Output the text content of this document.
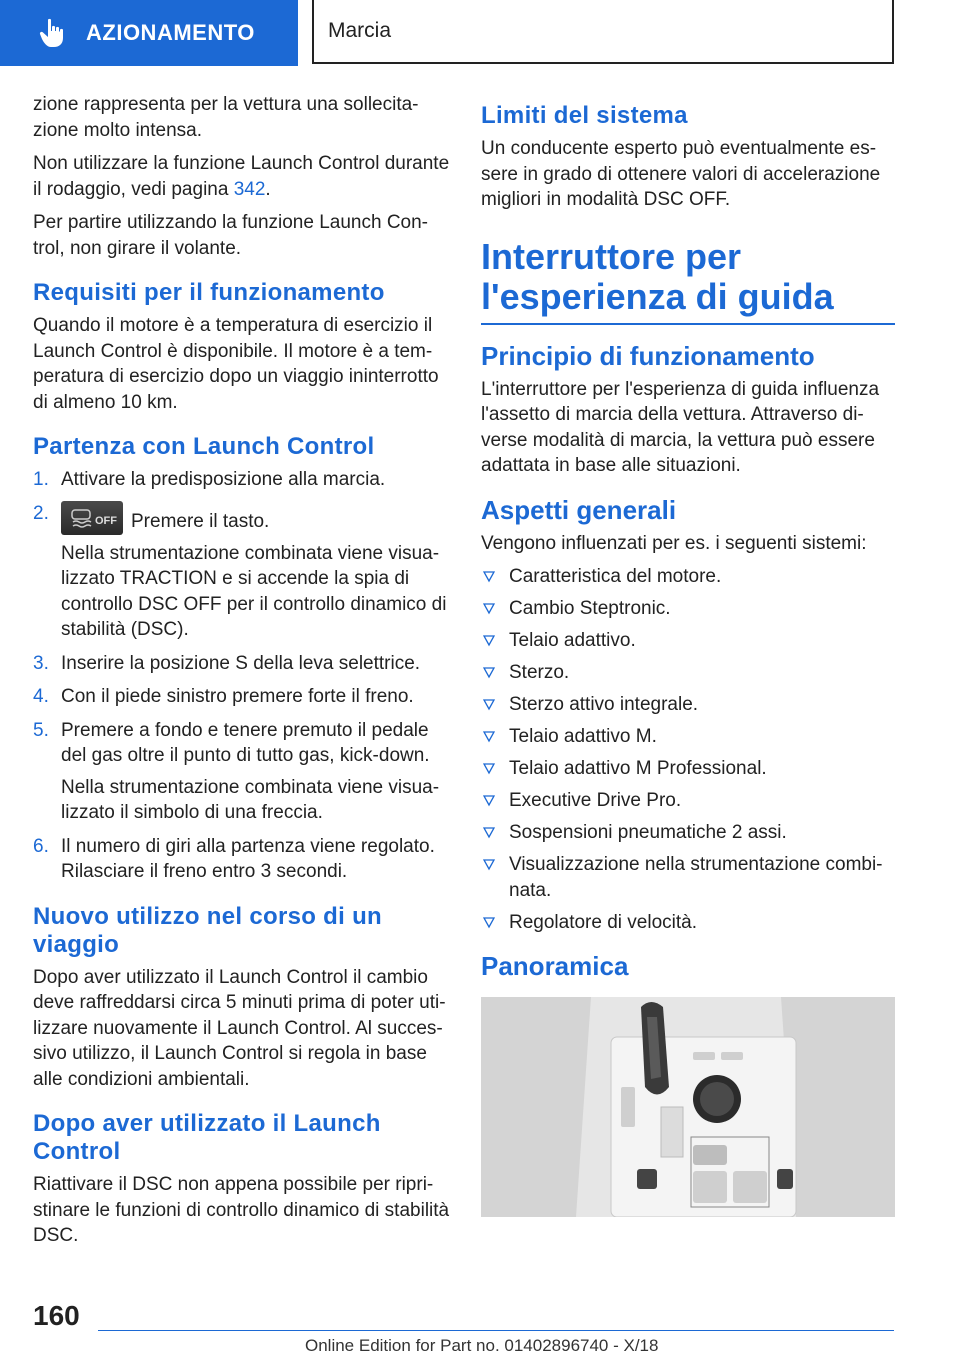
AZIONAMENTO	Marcia

zione rappresenta per la vettura una sollecita-zione molto intensa.

Non utilizzare la funzione Launch Control durante il rodaggio, vedi pagina 342.

Per partire utilizzando la funzione Launch Con-trol, non girare il volante.

Requisiti per il funzionamento

Quando il motore è a temperatura di esercizio il Launch Control è disponibile. Il motore è a tem-peratura di esercizio dopo un viaggio ininterrotto di almeno 10 km.

Partenza con Launch Control
1. Attivare la predisposizione alla marcia.
2.	OFF Premere il tasto.

Nella strumentazione combinata viene visua-lizzato TRACTION e si accende la spia di controllo DSC OFF per il controllo dinamico di stabilità (DSC).

3. Inserire la posizione S della leva selettrice.
4. Con il piede sinistro premere forte il freno.
5. Premere a fondo e tenere premuto il pedale del gas oltre il punto di tutto gas, kick-down.

Nella strumentazione combinata viene visua-lizzato il simbolo di una freccia.

6. Il numero di giri alla partenza viene regolato. Rilasciare il freno entro 3 secondi.
Nuovo utilizzo nel corso di un viaggio

Dopo aver utilizzato il Launch Control il cambio deve raffreddarsi circa 5 minuti prima di poter uti-lizzare nuovamente il Launch Control. Al succes-sivo utilizzo, il Launch Control si regola in base alle condizioni ambientali.

Dopo aver utilizzato il Launch Control

Riattivare il DSC non appena possibile per ripri-stinare le funzioni di controllo dinamico di stabilità DSC.

Limiti del sistema

Un conducente esperto può eventualmente es-sere in grado di ottenere valori di accelerazione migliori in modalità DSC OFF.

Interruttore per l'esperienza di guida
Principio di funzionamento

L'interruttore per l'esperienza di guida influenza l'assetto di marcia della vettura. Attraverso di-verse modalità di marcia, la vettura può essere adattata in base alle situazioni.

Aspetti generali

Vengono influenzati per es. i seguenti sistemi:

Caratteristica del motore.
Cambio Steptronic.
Telaio adattivo.
Sterzo.
Sterzo attivo integrale.
Telaio adattivo M.
Telaio adattivo M Professional.
Executive Drive Pro.
Sospensioni pneumatiche 2 assi.
Visualizzazione nella strumentazione combi-nata.
Regolatore di velocità.
Panoramica
160
Online Edition for Part no. 01402896740 - X/18
